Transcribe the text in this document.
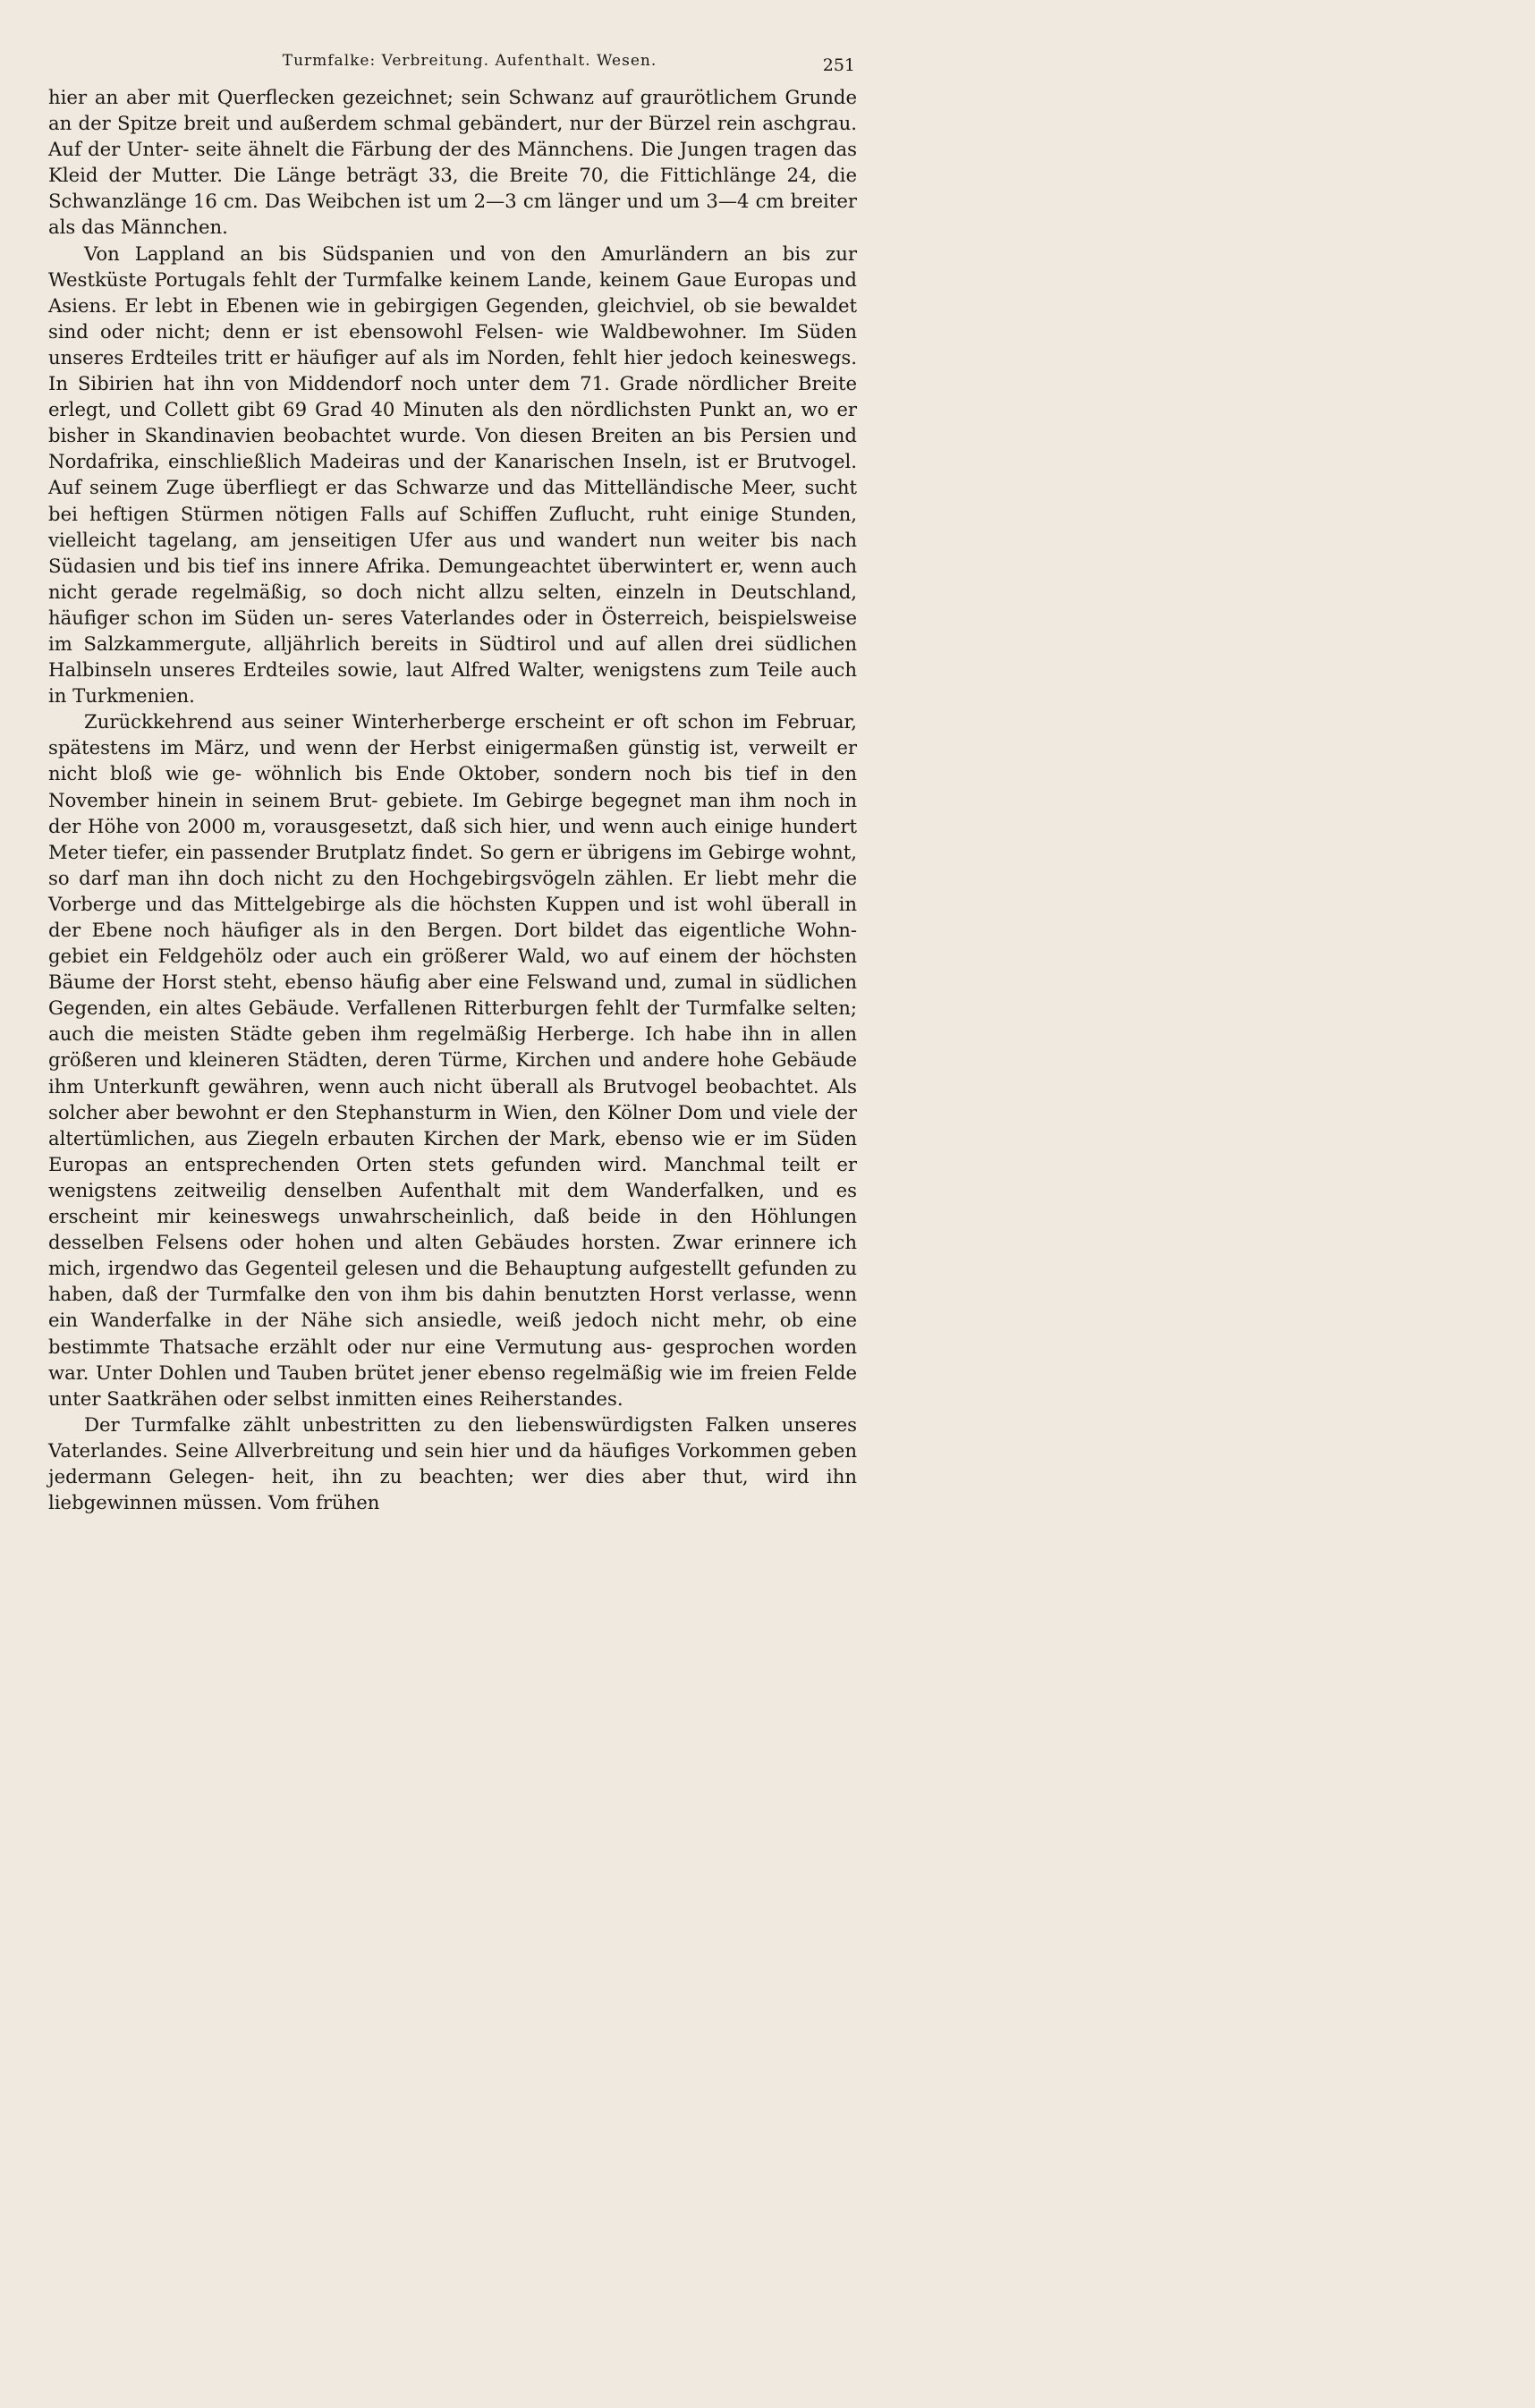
Turmfalke: Verbreitung. Aufenthalt. Wesen.	251

hier an aber mit Querflecken gezeichnet; sein Schwanz auf graurötlichem Grunde an der Spitze breit und außerdem schmal gebändert, nur der Bürzel rein aschgrau. Auf der Unter- seite ähnelt die Färbung der des Männchens. Die Jungen tragen das Kleid der Mutter. Die Länge beträgt 33, die Breite 70, die Fittichlänge 24, die Schwanzlänge 16 cm. Das Weibchen ist um 2—3 cm länger und um 3—4 cm breiter als das Männchen.

Von Lappland an bis Südspanien und von den Amurländern an bis zur Westküste Portugals fehlt der Turmfalke keinem Lande, keinem Gaue Europas und Asiens. Er lebt in Ebenen wie in gebirgigen Gegenden, gleichviel, ob sie bewaldet sind oder nicht; denn er ist ebensowohl Felsen- wie Waldbewohner. Im Süden unseres Erdteiles tritt er häufiger auf als im Norden, fehlt hier jedoch keineswegs. In Sibirien hat ihn von Middendorf noch unter dem 71. Grade nördlicher Breite erlegt, und Collett gibt 69 Grad 40 Minuten als den nördlichsten Punkt an, wo er bisher in Skandinavien beobachtet wurde. Von diesen Breiten an bis Persien und Nordafrika, einschließlich Madeiras und der Kanarischen Inseln, ist er Brutvogel. Auf seinem Zuge überfliegt er das Schwarze und das Mittelländische Meer, sucht bei heftigen Stürmen nötigen Falls auf Schiffen Zuflucht, ruht einige Stunden, vielleicht tagelang, am jenseitigen Ufer aus und wandert nun weiter bis nach Südasien und bis tief ins innere Afrika. Demungeachtet überwintert er, wenn auch nicht gerade regelmäßig, so doch nicht allzu selten, einzeln in Deutschland, häufiger schon im Süden un- seres Vaterlandes oder in Österreich, beispielsweise im Salzkammergute, alljährlich bereits in Südtirol und auf allen drei südlichen Halbinseln unseres Erdteiles sowie, laut Alfred Walter, wenigstens zum Teile auch in Turkmenien.

Zurückkehrend aus seiner Winterherberge erscheint er oft schon im Februar, spätestens im März, und wenn der Herbst einigermaßen günstig ist, verweilt er nicht bloß wie ge- wöhnlich bis Ende Oktober, sondern noch bis tief in den November hinein in seinem Brut- gebiete. Im Gebirge begegnet man ihm noch in der Höhe von 2000 m, vorausgesetzt, daß sich hier, und wenn auch einige hundert Meter tiefer, ein passender Brutplatz findet. So gern er übrigens im Gebirge wohnt, so darf man ihn doch nicht zu den Hochgebirgsvögeln zählen. Er liebt mehr die Vorberge und das Mittelgebirge als die höchsten Kuppen und ist wohl überall in der Ebene noch häufiger als in den Bergen. Dort bildet das eigentliche Wohn- gebiet ein Feldgehölz oder auch ein größerer Wald, wo auf einem der höchsten Bäume der Horst steht, ebenso häufig aber eine Felswand und, zumal in südlichen Gegenden, ein altes Gebäude. Verfallenen Ritterburgen fehlt der Turmfalke selten; auch die meisten Städte geben ihm regelmäßig Herberge. Ich habe ihn in allen größeren und kleineren Städten, deren Türme, Kirchen und andere hohe Gebäude ihm Unterkunft gewähren, wenn auch nicht überall als Brutvogel beobachtet. Als solcher aber bewohnt er den Stephansturm in Wien, den Kölner Dom und viele der altertümlichen, aus Ziegeln erbauten Kirchen der Mark, ebenso wie er im Süden Europas an entsprechenden Orten stets gefunden wird. Manchmal teilt er wenigstens zeitweilig denselben Aufenthalt mit dem Wanderfalken, und es erscheint mir keineswegs unwahrscheinlich, daß beide in den Höhlungen desselben Felsens oder hohen und alten Gebäudes horsten. Zwar erinnere ich mich, irgendwo das Gegenteil gelesen und die Behauptung aufgestellt gefunden zu haben, daß der Turmfalke den von ihm bis dahin benutzten Horst verlasse, wenn ein Wanderfalke in der Nähe sich ansiedle, weiß jedoch nicht mehr, ob eine bestimmte Thatsache erzählt oder nur eine Vermutung aus- gesprochen worden war. Unter Dohlen und Tauben brütet jener ebenso regelmäßig wie im freien Felde unter Saatkrähen oder selbst inmitten eines Reiherstandes.

Der Turmfalke zählt unbestritten zu den liebenswürdigsten Falken unseres Vaterlandes. Seine Allverbreitung und sein hier und da häufiges Vorkommen geben jedermann Gelegen- heit, ihn zu beachten; wer dies aber thut, wird ihn liebgewinnen müssen. Vom frühen
